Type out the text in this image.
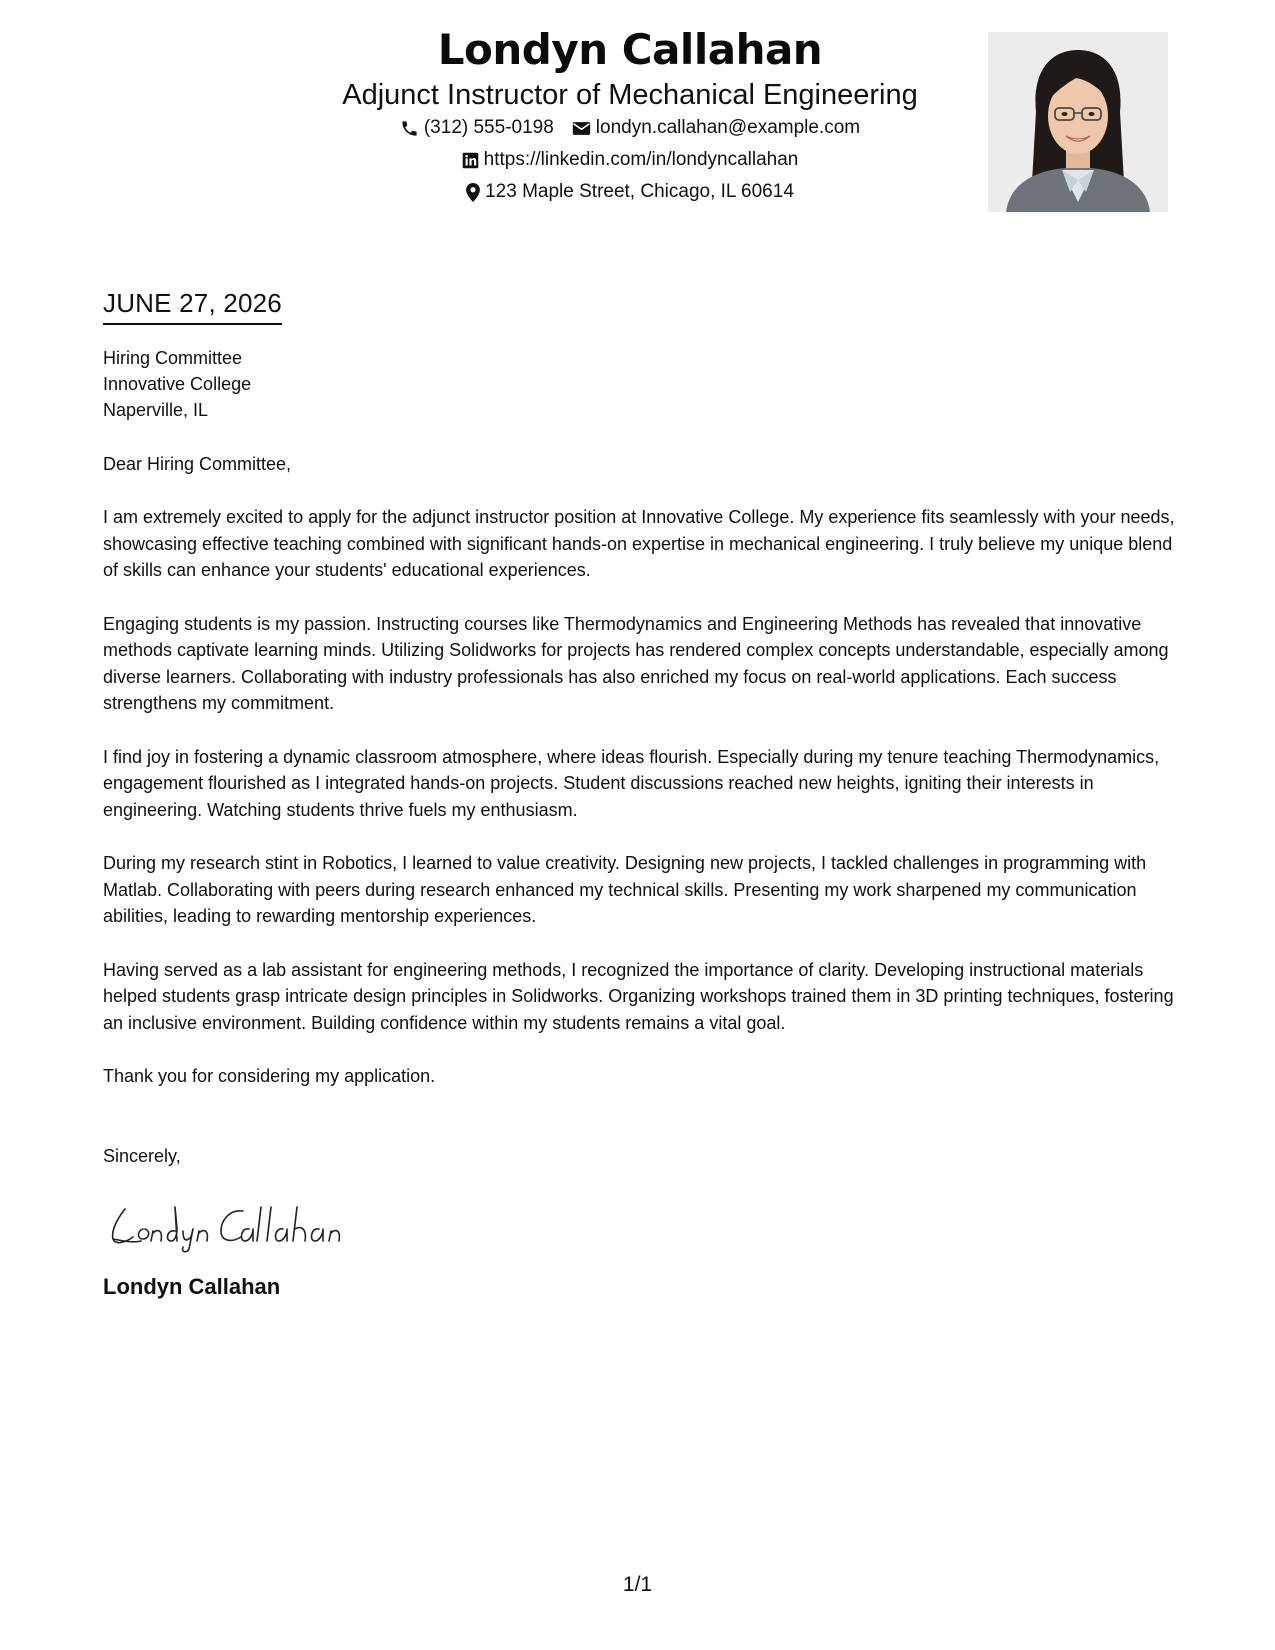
Londyn Callahan
Adjunct Instructor of Mechanical Engineering
(312) 555-0198 londyn.callahan@example.com
https://linkedin.com/in/londyncallahan
123 Maple Street, Chicago, IL 60614
JUNE 27, 2026
Hiring Committee
Innovative College
Naperville, IL
Dear Hiring Committee,
I am extremely excited to apply for the adjunct instructor position at Innovative College. My experience fits seamlessly with your needs, showcasing effective teaching combined with significant hands-on expertise in mechanical engineering. I truly believe my unique blend of skills can enhance your students' educational experiences.
Engaging students is my passion. Instructing courses like Thermodynamics and Engineering Methods has revealed that innovative methods captivate learning minds. Utilizing Solidworks for projects has rendered complex concepts understandable, especially among diverse learners. Collaborating with industry professionals has also enriched my focus on real-world applications. Each success strengthens my commitment.
I find joy in fostering a dynamic classroom atmosphere, where ideas flourish. Especially during my tenure teaching Thermodynamics, engagement flourished as I integrated hands-on projects. Student discussions reached new heights, igniting their interests in engineering. Watching students thrive fuels my enthusiasm.
During my research stint in Robotics, I learned to value creativity. Designing new projects, I tackled challenges in programming with Matlab. Collaborating with peers during research enhanced my technical skills. Presenting my work sharpened my communication abilities, leading to rewarding mentorship experiences.
Having served as a lab assistant for engineering methods, I recognized the importance of clarity. Developing instructional materials helped students grasp intricate design principles in Solidworks. Organizing workshops trained them in 3D printing techniques, fostering an inclusive environment. Building confidence within my students remains a vital goal.
Thank you for considering my application.
Sincerely,
Londyn Callahan
1/1
